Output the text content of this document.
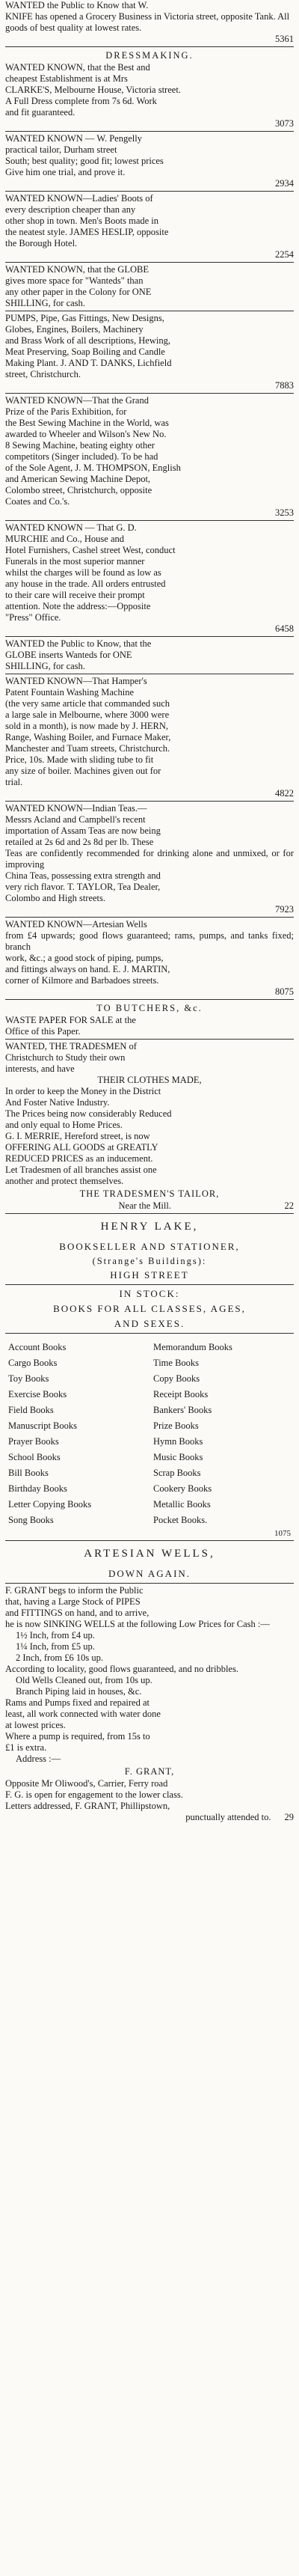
WANTED the Public to Know that W.

KNIFE has opened a Grocery Business in Victoria street, opposite Tank. All

goods of best quality at lowest rates.

5361
DRESSMAKING.

WANTED KNOWN, that the Best and

cheapest Establishment is at Mrs

CLARKE'S, Melbourne House, Victoria street.

A Full Dress complete from 7s 6d. Work

and fit guaranteed.

3073

WANTED KNOWN — W. Pengelly

practical tailor, Durham street

South; best quality; good fit; lowest prices

Give him one trial, and prove it.

2934

WANTED KNOWN—Ladies' Boots of

every description cheaper than any

other shop in town. Men's Boots made in

the neatest style. JAMES HESLIP, opposite

the Borough Hotel.

2254

WANTED KNOWN, that the GLOBE

gives more space for "Wanteds" than

any other paper in the Colony for ONE

SHILLING, for cash.

PUMPS, Pipe, Gas Fittings, New Designs,

Globes, Engines, Boilers, Machinery

and Brass Work of all descriptions, Hewing,

Meat Preserving, Soap Boiling and Candle

Making Plant. J. AND T. DANKS, Lichfield

street, Christchurch.

7883

WANTED KNOWN—That the Grand

Prize of the Paris Exhibition, for

the Best Sewing Machine in the World, was

awarded to Wheeler and Wilson's New No.

8 Sewing Machine, beating eighty other

competitors (Singer included). To be had

of the Sole Agent, J. M. THOMPSON, English

and American Sewing Machine Depot,

Colombo street, Christchurch, opposite

Coates and Co.'s.

3253

WANTED KNOWN — That G. D.

MURCHIE and Co., House and

Hotel Furnishers, Cashel street West, conduct

Funerals in the most superior manner

whilst the charges will be found as low as

any house in the trade. All orders entrusted

to their care will receive their prompt

attention. Note the address:—Opposite

"Press" Office.

6458

WANTED the Public to Know, that the

GLOBE inserts Wanteds for ONE

SHILLING, for cash.

WANTED KNOWN—That Hamper's

Patent Fountain Washing Machine

(the very same article that commanded such

a large sale in Melbourne, where 3000 were

sold in a month), is now made by J. HERN,

Range, Washing Boiler, and Furnace Maker,

Manchester and Tuam streets, Christchurch.

Price, 10s. Made with sliding tube to fit

any size of boiler. Machines given out for

trial.

4822

WANTED KNOWN—Indian Teas.—

Messrs Acland and Campbell's recent

importation of Assam Teas are now being

retailed at 2s 6d and 2s 8d per lb. These

Teas are confidently recommended for drinking alone and unmixed, or for improving

China Teas, possessing extra strength and

very rich flavor. T. TAYLOR, Tea Dealer,

Colombo and High streets.

7923

WANTED KNOWN—Artesian Wells

from £4 upwards; good flows guaranteed; rams, pumps, and tanks fixed; branch

work, &c.; a good stock of piping, pumps,

and fittings always on hand. E. J. MARTIN,

corner of Kilmore and Barbadoes streets.

8075
TO BUTCHERS, &c.

WASTE PAPER FOR SALE at the

Office of this Paper.

WANTED, THE TRADESMEN of

Christchurch to Study their own

interests, and have

THEIR CLOTHES MADE,

In order to keep the Money in the District

And Foster Native Industry.

The Prices being now considerably Reduced

and only equal to Home Prices.

G. I. MERRIE, Hereford street, is now

OFFERING ALL GOODS at GREATLY

REDUCED PRICES as an inducement.

Let Tradesmen of all branches assist one

another and protect themselves.

THE TRADESMEN'S TAILOR,
Near the Mill.	22
HENRY LAKE,
BOOKSELLER AND STATIONER,
(Strange's Buildings):
HIGH STREET
IN STOCK:
BOOKS FOR ALL CLASSES, AGES,
AND SEXES.
Account Books	Memorandum Books
Cargo Books	Time Books
Toy Books	Copy Books
Exercise Books	Receipt Books
Field Books	Bankers' Books
Manuscript Books	Prize Books
Prayer Books	Hymn Books
School Books	Music Books
Bill Books	Scrap Books
Birthday Books	Cookery Books
Letter Copying Books	Metallic Books
Song Books	Pocket Books.
1075
ARTESIAN WELLS,
DOWN AGAIN.

F. GRANT begs to inform the Public

that, having a Large Stock of PIPES

and FITTINGS on hand, and to arrive,

he is now SINKING WELLS at the following Low Prices for Cash :—

1½ Inch, from £4 up.

1¼ Inch, from £5 up.

2 Inch, from £6 10s up.

According to locality, good flows guaranteed, and no dribbles.

Old Wells Cleaned out, from 10s up.

Branch Piping laid in houses, &c.

Rams and Pumps fixed and repaired at

least, all work connected with water done

at lowest prices.

Where a pump is required, from 15s to

£1 is extra.

Address :—

F. GRANT,

Opposite Mr Oliwood's, Carrier, Ferry road

F. G. is open for engagement to the lower class.

Letters addressed, F. GRANT, Phillipstown,

punctually attended to. 29
